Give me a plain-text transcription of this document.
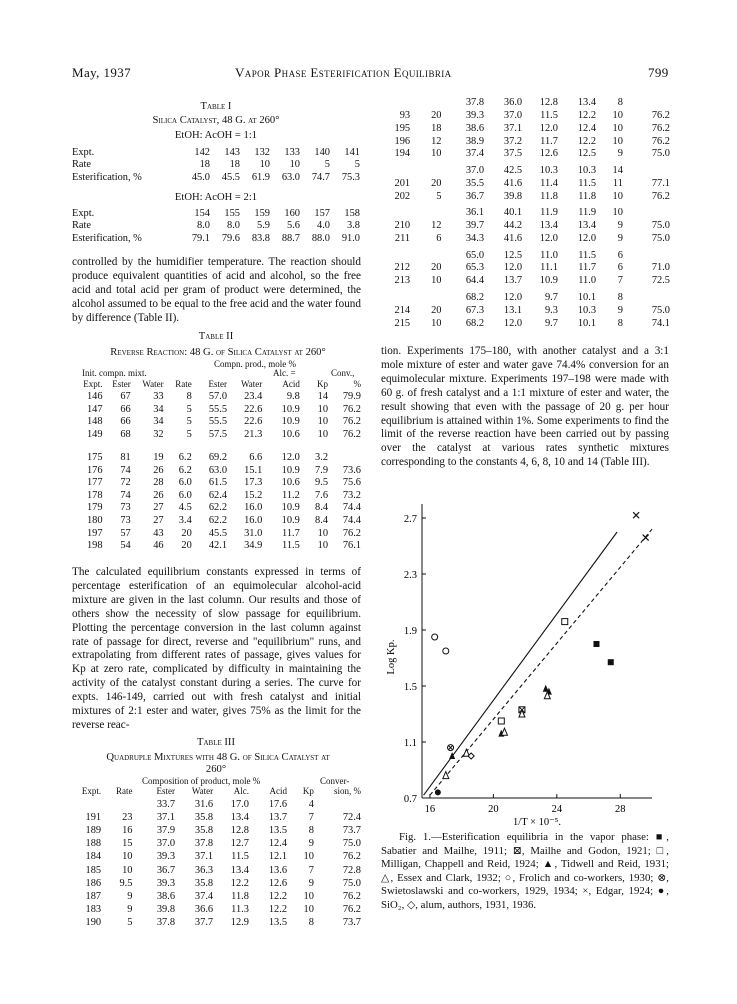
May, 1937	Vapor Phase Esterification Equilibria	799
Table I
Silica Catalyst, 48 G. at 260°
EtOH: AcOH = 1:1
Expt.	142	143	132	133	140	141
Rate	18	18	10	10	5	5
Esterification, %	45.0	45.5	61.9	63.0	74.7	75.3
EtOH: AcOH = 2:1
Expt.	154	155	159	160	157	158
Rate	8.0	8.0	5.9	5.6	4.0	3.8
Esterification, %	79.1	79.6	83.8	88.7	88.0	91.0
controlled by the humidifier temperature. The reaction should produce equivalent quantities of acid and alcohol, so the free acid and total acid per gram of product were determined, the alcohol assumed to be equal to the free acid and the water found by difference (Table II).
Table II
Reverse Reaction: 48 G. of Silica Catalyst at 260°
Init. compn. mixt.
Compn. prod., mole %
Alc. =	Conv.,
Expt.	Ester	Water	Rate	Ester	Water	Acid	Kp	%
146	67	33	8	57.0	23.4	9.8	14	79.9
147	66	34	5	55.5	22.6	10.9	10	76.2
148	66	34	5	55.5	22.6	10.9	10	76.2
149	68	32	5	57.5	21.3	10.6	10	76.2

175	81	19	6.2	69.2	6.6	12.0	3.2	
176	74	26	6.2	63.0	15.1	10.9	7.9	73.6
177	72	28	6.0	61.5	17.3	10.6	9.5	75.6
178	74	26	6.0	62.4	15.2	11.2	7.6	73.2
179	73	27	4.5	62.2	16.0	10.9	8.4	74.4
180	73	27	3.4	62.2	16.0	10.9	8.4	74.4
197	57	43	20	45.5	31.0	11.7	10	76.2
198	54	46	20	42.1	34.9	11.5	10	76.1
The calculated equilibrium constants expressed in terms of percentage esterification of an equimolecular alcohol-acid mixture are given in the last column. Our results and those of others show the necessity of slow passage for equilibrium. Plotting the percentage conversion in the last column against rate of passage for direct, reverse and "equilibrium" runs, and extrapolating from different rates of passage, gives values for Kp at zero rate, complicated by difficulty in maintaining the activity of the catalyst constant during a series. The curve for expts. 146-149, carried out with fresh catalyst and initial mixtures of 2:1 ester and water, gives 75% as the limit for the reverse reac-
Table III
Quadruple Mixtures with 48 G. of Silica Catalyst at
260°
Composition of product, mole %	Conver-
Expt.	Rate	Ester	Water	Alc.	Acid	Kp	sion, %
		33.7	31.6	17.0	17.6	4	
191	23	37.1	35.8	13.4	13.7	7	72.4
189	16	37.9	35.8	12.8	13.5	8	73.7
188	15	37.0	37.8	12.7	12.4	9	75.0
184	10	39.3	37.1	11.5	12.1	10	76.2
185	10	36.7	36.3	13.4	13.6	7	72.8
186	9.5	39.3	35.8	12.2	12.6	9	75.0
187	9	38.6	37.4	11.8	12.2	10	76.2
183	9	39.8	36.6	11.3	12.2	10	76.2
190	5	37.8	37.7	12.9	13.5	8	73.7
		37.8	36.0	12.8	13.4	8	
93	20	39.3	37.0	11.5	12.2	10	76.2
195	18	38.6	37.1	12.0	12.4	10	76.2
196	12	38.9	37.2	11.7	12.2	10	76.2
194	10	37.4	37.5	12.6	12.5	9	75.0
		37.0	42.5	10.3	10.3	14	
201	20	35.5	41.6	11.4	11.5	11	77.1
202	5	36.7	39.8	11.8	11.8	10	76.2
		36.1	40.1	11.9	11.9	10	
210	12	39.7	44.2	13.4	13.4	9	75.0
211	6	34.3	41.6	12.0	12.0	9	75.0
		65.0	12.5	11.0	11.5	6	
212	20	65.3	12.0	11.1	11.7	6	71.0
213	10	64.4	13.7	10.9	11.0	7	72.5
		68.2	12.0	9.7	10.1	8	
214	20	67.3	13.1	9.3	10.3	9	75.0
215	10	68.2	12.0	9.7	10.1	8	74.1
tion. Experiments 175–180, with another catalyst and a 3:1 mole mixture of ester and water gave 74.4% conversion for an equimolecular mixture. Experiments 197–198 were made with 60 g. of fresh catalyst and a 1:1 mixture of ester and water, the result showing that even with the passage of 20 g. per hour equilibrium is attained within 1%. Some experiments to find the limit of the reverse reaction have been carried out by passing over the catalyst at various rates synthetic mixtures corresponding to the constants 4, 6, 8, 10 and 14 (Table III).
0.7
1.1
1.5
1.9
2.3
2.7
16	20	24	28
1/T × 10⁻⁵.
Log Kp.
Fig. 1.—Esterification equilibria in the vapor phase: ■, Sabatier and Mailhe, 1911; ⊠, Mailhe and Godon, 1921; □, Milligan, Chappell and Reid, 1924; ▲, Tidwell and Reid, 1931; △, Essex and Clark, 1932; ○, Frolich and co-workers, 1930; ⊗, Swietoslawski and co-workers, 1929, 1934; ×, Edgar, 1924; ●, SiO₂, ◇, alum, authors, 1931, 1936.
